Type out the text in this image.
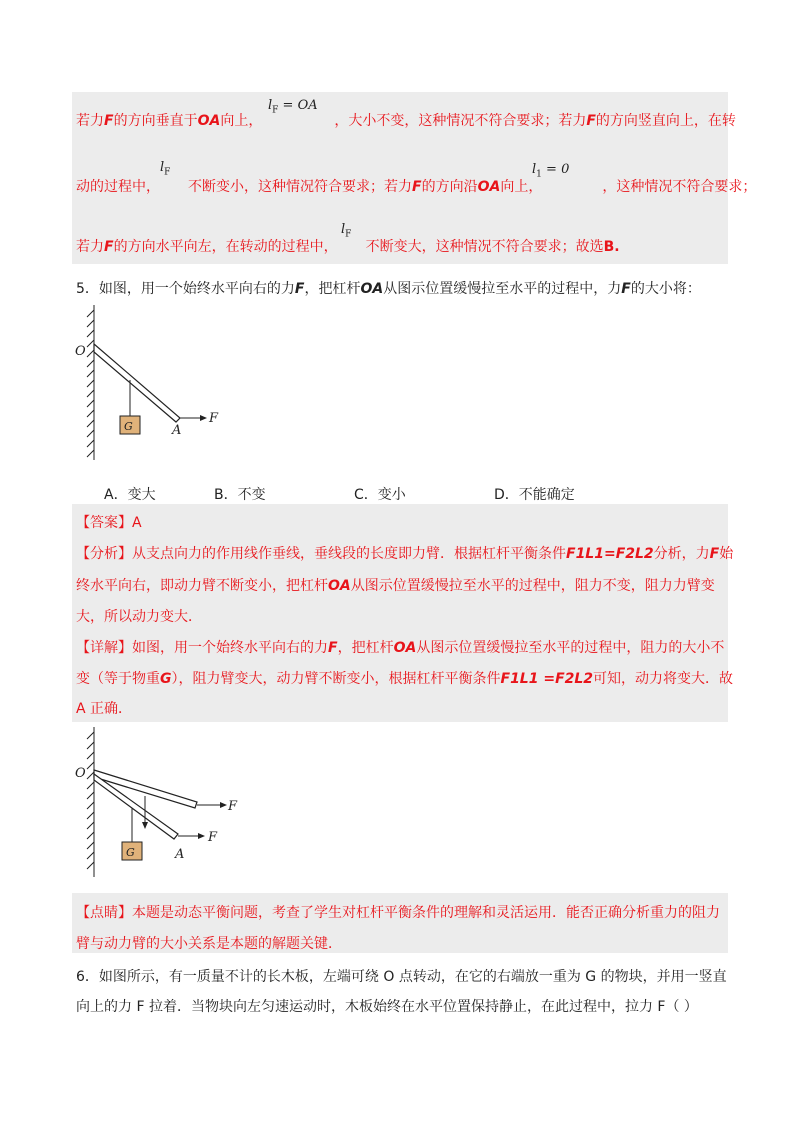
若力F的方向垂直于OA向上，	，大小不变，这种情况不符合要求；若力F的方向竖直向上，在转
$l_F$ = OA
动的过程中， 不断变小，这种情况符合要求；若力F的方向沿OA向上，	，这种情况不符合要求；
$l_F$	$l_1 = 0$
若力F的方向水平向左，在转动的过程中， 不断变大，这种情况不符合要求；故选B.
$l_F$
5．如图，用一个始终水平向右的力F，把杠杆OA从图示位置缓慢拉至水平的过程中，力F的大小将：
G
O
A
F
A．变大	B．不变	C．变小	D．不能确定
【答案】A
【分析】从支点向力的作用线作垂线，垂线段的长度即力臂．根据杠杆平衡条件F1L1=F2L2分析，力F始
终水平向右，即动力臂不断变小，把杠杆OA从图示位置缓慢拉至水平的过程中，阻力不变，阻力力臂变
大，所以动力变大．
【详解】如图，用一个始终水平向右的力F，把杠杆OA从图示位置缓慢拉至水平的过程中，阻力的大小不
变（等于物重G），阻力臂变大，动力臂不断变小，根据杠杆平衡条件F1L1 =F2L2可知，动力将变大．故
A 正确．
G
O
A
F
F
【点睛】本题是动态平衡问题，考查了学生对杠杆平衡条件的理解和灵活运用．能否正确分析重力的阻力
臂与动力臂的大小关系是本题的解题关键．
6．如图所示，有一质量不计的长木板，左端可绕 O 点转动，在它的右端放一重为 G 的物块，并用一竖直
向上的力 F 拉着．当物块向左匀速运动时，木板始终在水平位置保持静止，在此过程中，拉力 F（ ）
